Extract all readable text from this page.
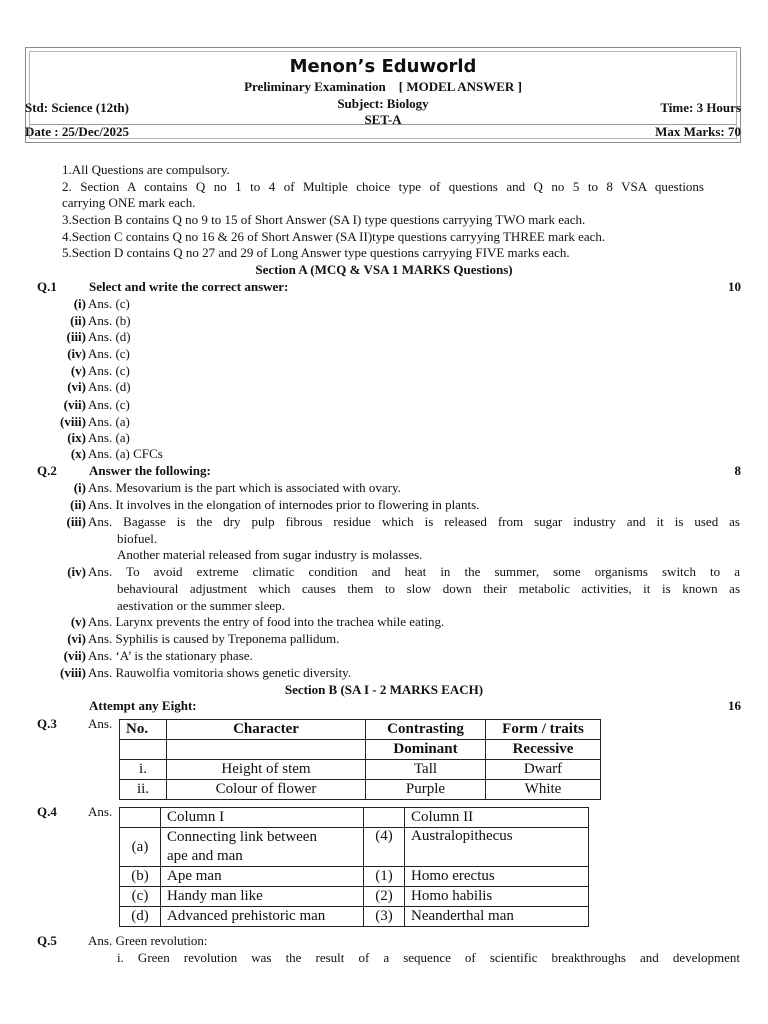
Menon’s Eduworld
Preliminary Examination    [ MODEL ANSWER ]
Subject: Biology
SET-A
Std: Science (12th)	Time: 3 Hours
Date : 25/Dec/2025	Max Marks: 70
1.All Questions are compulsory.
2. Section A contains Q no 1 to 4 of Multiple choice type of questions and Q no 5 to 8 VSA questions
carrying ONE mark each.
3.Section B contains Q no 9 to 15 of Short Answer (SA I) type questions carryying TWO mark each.
4.Section C contains Q no 16 & 26 of Short Answer (SA II)type questions carryying THREE mark each.
5.Section D contains Q no 27 and 29 of Long Answer type questions carryying FIVE marks each.
Section A (MCQ & VSA 1 MARKS Questions)
Q.1 Select and write the correct answer:	10
(i) Ans. (c)
(ii) Ans. (b)
(iii) Ans. (d)
(iv) Ans. (c)
(v) Ans. (c)
(vi) Ans. (d)
(vii) Ans. (c)
(viii) Ans. (a)
(ix) Ans. (a)
(x) Ans. (a) CFCs
Q.2 Answer the following:	8
(i) Ans. Mesovarium is the part which is associated with ovary.
(ii) Ans. It involves in the elongation of internodes prior to flowering in plants.
(iii) Ans. Bagasse is the dry pulp fibrous residue which is released from sugar industry and it is used as
biofuel.
Another material released from sugar industry is molasses.
(iv) Ans. To avoid extreme climatic condition and heat in the summer, some organisms switch to a
behavioural adjustment which causes them to slow down their metabolic activities, it is known as
aestivation or the summer sleep.
(v) Ans. Larynx prevents the entry of food into the trachea while eating.
(vi) Ans. Syphilis is caused by Treponema pallidum.
(vii) Ans. ‘A’ is the stationary phase.
(viii) Ans. Rauwolfia vomitoria shows genetic diversity.
Section B (SA I - 2 MARKS EACH)
Attempt any Eight:	16
Q.3 Ans. No.	Character	Contrasting	Form / traits
		Dominant	Recessive
i.	Height of stem	Tall	Dwarf
ii.	Colour of flower	Purple	White
Q.4 Ans.
		Column I		Column II
(a)	Connecting link between	(4)	Australopithecus
	ape and man		
(b)	Ape man	(1)	Homo erectus
(c)	Handy man like	(2)	Homo habilis
(d)	Advanced prehistoric man	(3)	Neanderthal man
Q.5 Ans. Green revolution:
i. Green revolution was the result of a sequence of scientific breakthroughs and development
